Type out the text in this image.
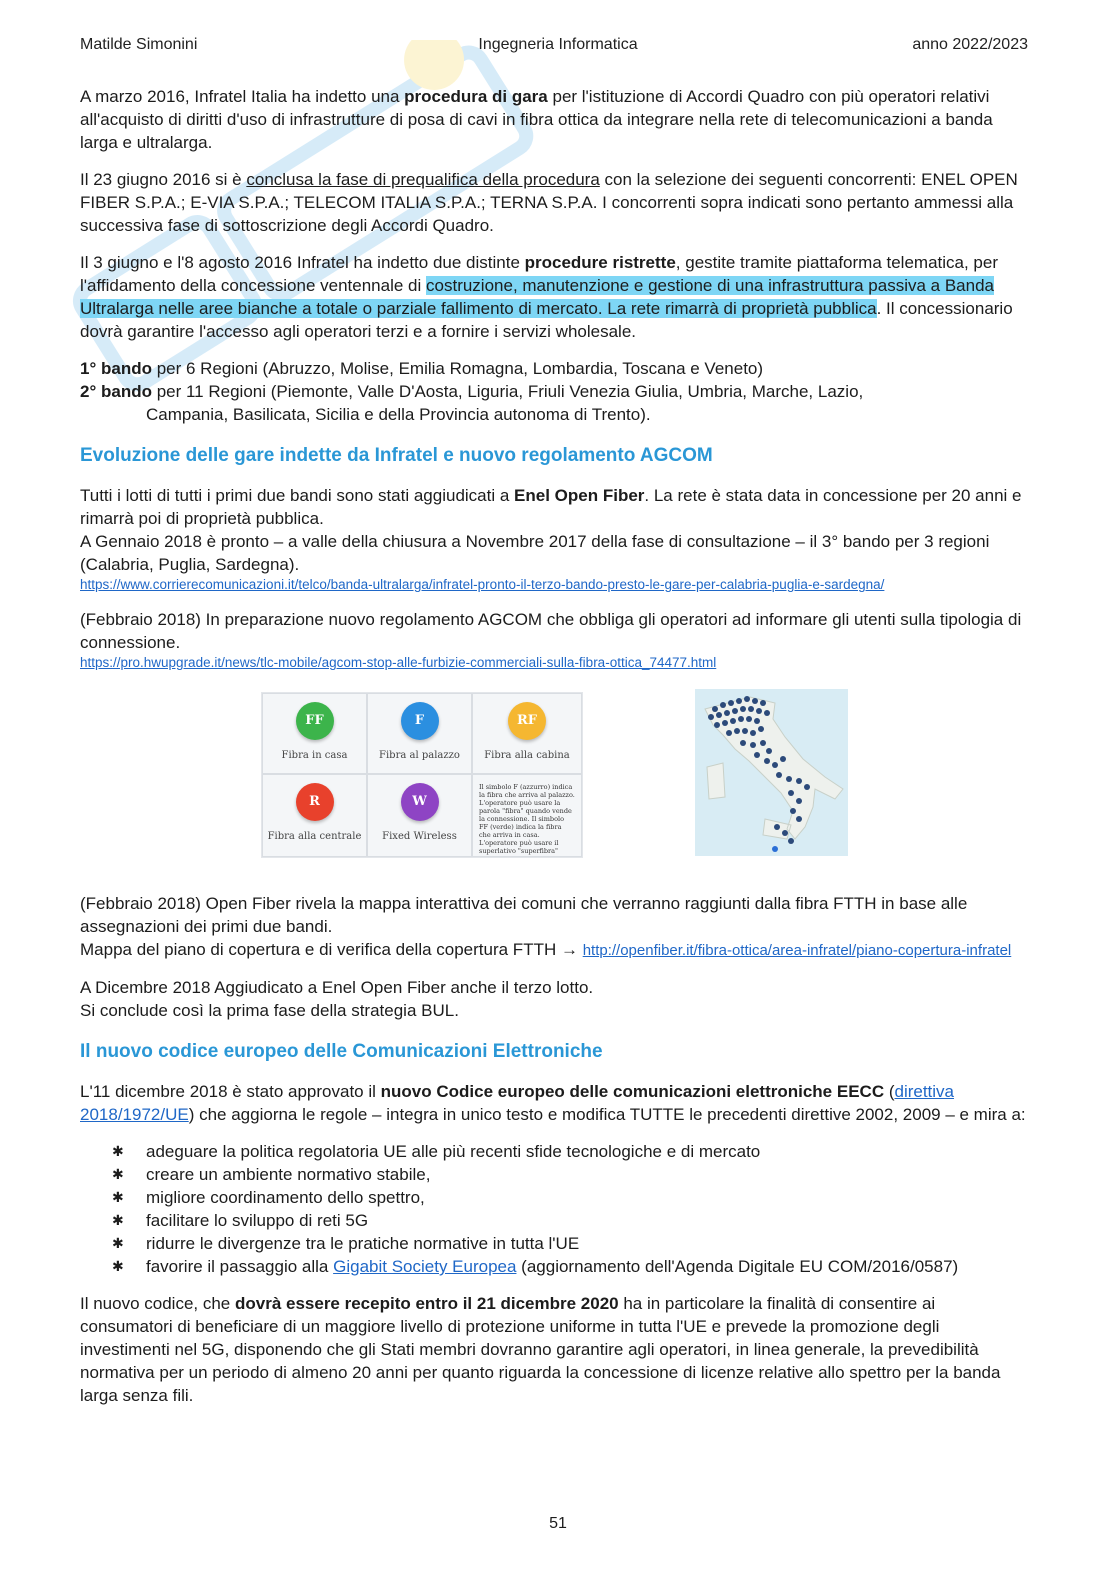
Matilde Simonini	Ingegneria Informatica	anno 2022/2023

A marzo 2016, Infratel Italia ha indetto una procedura di gara per l'istituzione di Accordi Quadro con più operatori relativi all'acquisto di diritti d'uso di infrastrutture di posa di cavi in fibra ottica da integrare nella rete di telecomunicazioni a banda larga e ultralarga.

Il 23 giugno 2016 si è conclusa la fase di prequalifica della procedura con la selezione dei seguenti concorrenti: ENEL OPEN FIBER S.P.A.; E-VIA S.P.A.; TELECOM ITALIA S.P.A.; TERNA S.P.A. I concorrenti sopra indicati sono pertanto ammessi alla successiva fase di sottoscrizione degli Accordi Quadro.

Il 3 giugno e l'8 agosto 2016 Infratel ha indetto due distinte procedure ristrette, gestite tramite piattaforma telematica, per l'affidamento della concessione ventennale di costruzione, manutenzione e gestione di una infrastruttura passiva a Banda Ultralarga nelle aree bianche a totale o parziale fallimento di mercato. La rete rimarrà di proprietà pubblica. Il concessionario dovrà garantire l'accesso agli operatori terzi e a fornire i servizi wholesale.

1° bando per 6 Regioni (Abruzzo, Molise, Emilia Romagna, Lombardia, Toscana e Veneto)
2° bando per 11 Regioni (Piemonte, Valle D'Aosta, Liguria, Friuli Venezia Giulia, Umbria, Marche, Lazio,
Campania, Basilicata, Sicilia e della Provincia autonoma di Trento).
Evoluzione delle gare indette da Infratel e nuovo regolamento AGCOM

Tutti i lotti di tutti i primi due bandi sono stati aggiudicati a Enel Open Fiber. La rete è stata data in concessione per 20 anni e rimarrà poi di proprietà pubblica.
A Gennaio 2018 è pronto – a valle della chiusura a Novembre 2017 della fase di consultazione – il 3° bando per 3 regioni (Calabria, Puglia, Sardegna).
https://www.corrierecomunicazioni.it/telco/banda-ultralarga/infratel-pronto-il-terzo-bando-presto-le-gare-per-calabria-puglia-e-sardegna/

(Febbraio 2018) In preparazione nuovo regolamento AGCOM che obbliga gli operatori ad informare gli utenti sulla tipologia di connessione.
https://pro.hwupgrade.it/news/tlc-mobile/agcom-stop-alle-furbizie-commerciali-sulla-fibra-ottica_74477.html

FF
Fibra in casa
F
Fibra al palazzo
RF
Fibra alla cabina
R
Fibra alla centrale
W
Fixed Wireless
Il simbolo F (azzurro) indica la fibra che arriva al palazzo. L'operatore può usare la parola "fibra" quando vende la connessione. Il simbolo FF (verde) indica la fibra che arriva in casa. L'operatore può usare il superlativo "superfibra"

(Febbraio 2018) Open Fiber rivela la mappa interattiva dei comuni che verranno raggiunti dalla fibra FTTH in base alle assegnazioni dei primi due bandi.
Mappa del piano di copertura e di verifica della copertura FTTH → http://openfiber.it/fibra-ottica/area-infratel/piano-copertura-infratel

A Dicembre 2018 Aggiudicato a Enel Open Fiber anche il terzo lotto.
Si conclude così la prima fase della strategia BUL.

Il nuovo codice europeo delle Comunicazioni Elettroniche

L'11 dicembre 2018 è stato approvato il nuovo Codice europeo delle comunicazioni elettroniche EECC (direttiva 2018/1972/UE) che aggiorna le regole – integra in unico testo e modifica TUTTE le precedenti direttive 2002, 2009 – e mira a:

✱ adeguare la politica regolatoria UE alle più recenti sfide tecnologiche e di mercato
✱ creare un ambiente normativo stabile,
✱ migliore coordinamento dello spettro,
✱ facilitare lo sviluppo di reti 5G
✱ ridurre le divergenze tra le pratiche normative in tutta l'UE
✱ favorire il passaggio alla Gigabit Society Europea (aggiornamento dell'Agenda Digitale EU COM/2016/0587)

Il nuovo codice, che dovrà essere recepito entro il 21 dicembre 2020 ha in particolare la finalità di consentire ai consumatori di beneficiare di un maggiore livello di protezione uniforme in tutta l'UE e prevede la promozione degli investimenti nel 5G, disponendo che gli Stati membri dovranno garantire agli operatori, in linea generale, la prevedibilità normativa per un periodo di almeno 20 anni per quanto riguarda la concessione di licenze relative allo spettro per la banda larga senza fili.

51
